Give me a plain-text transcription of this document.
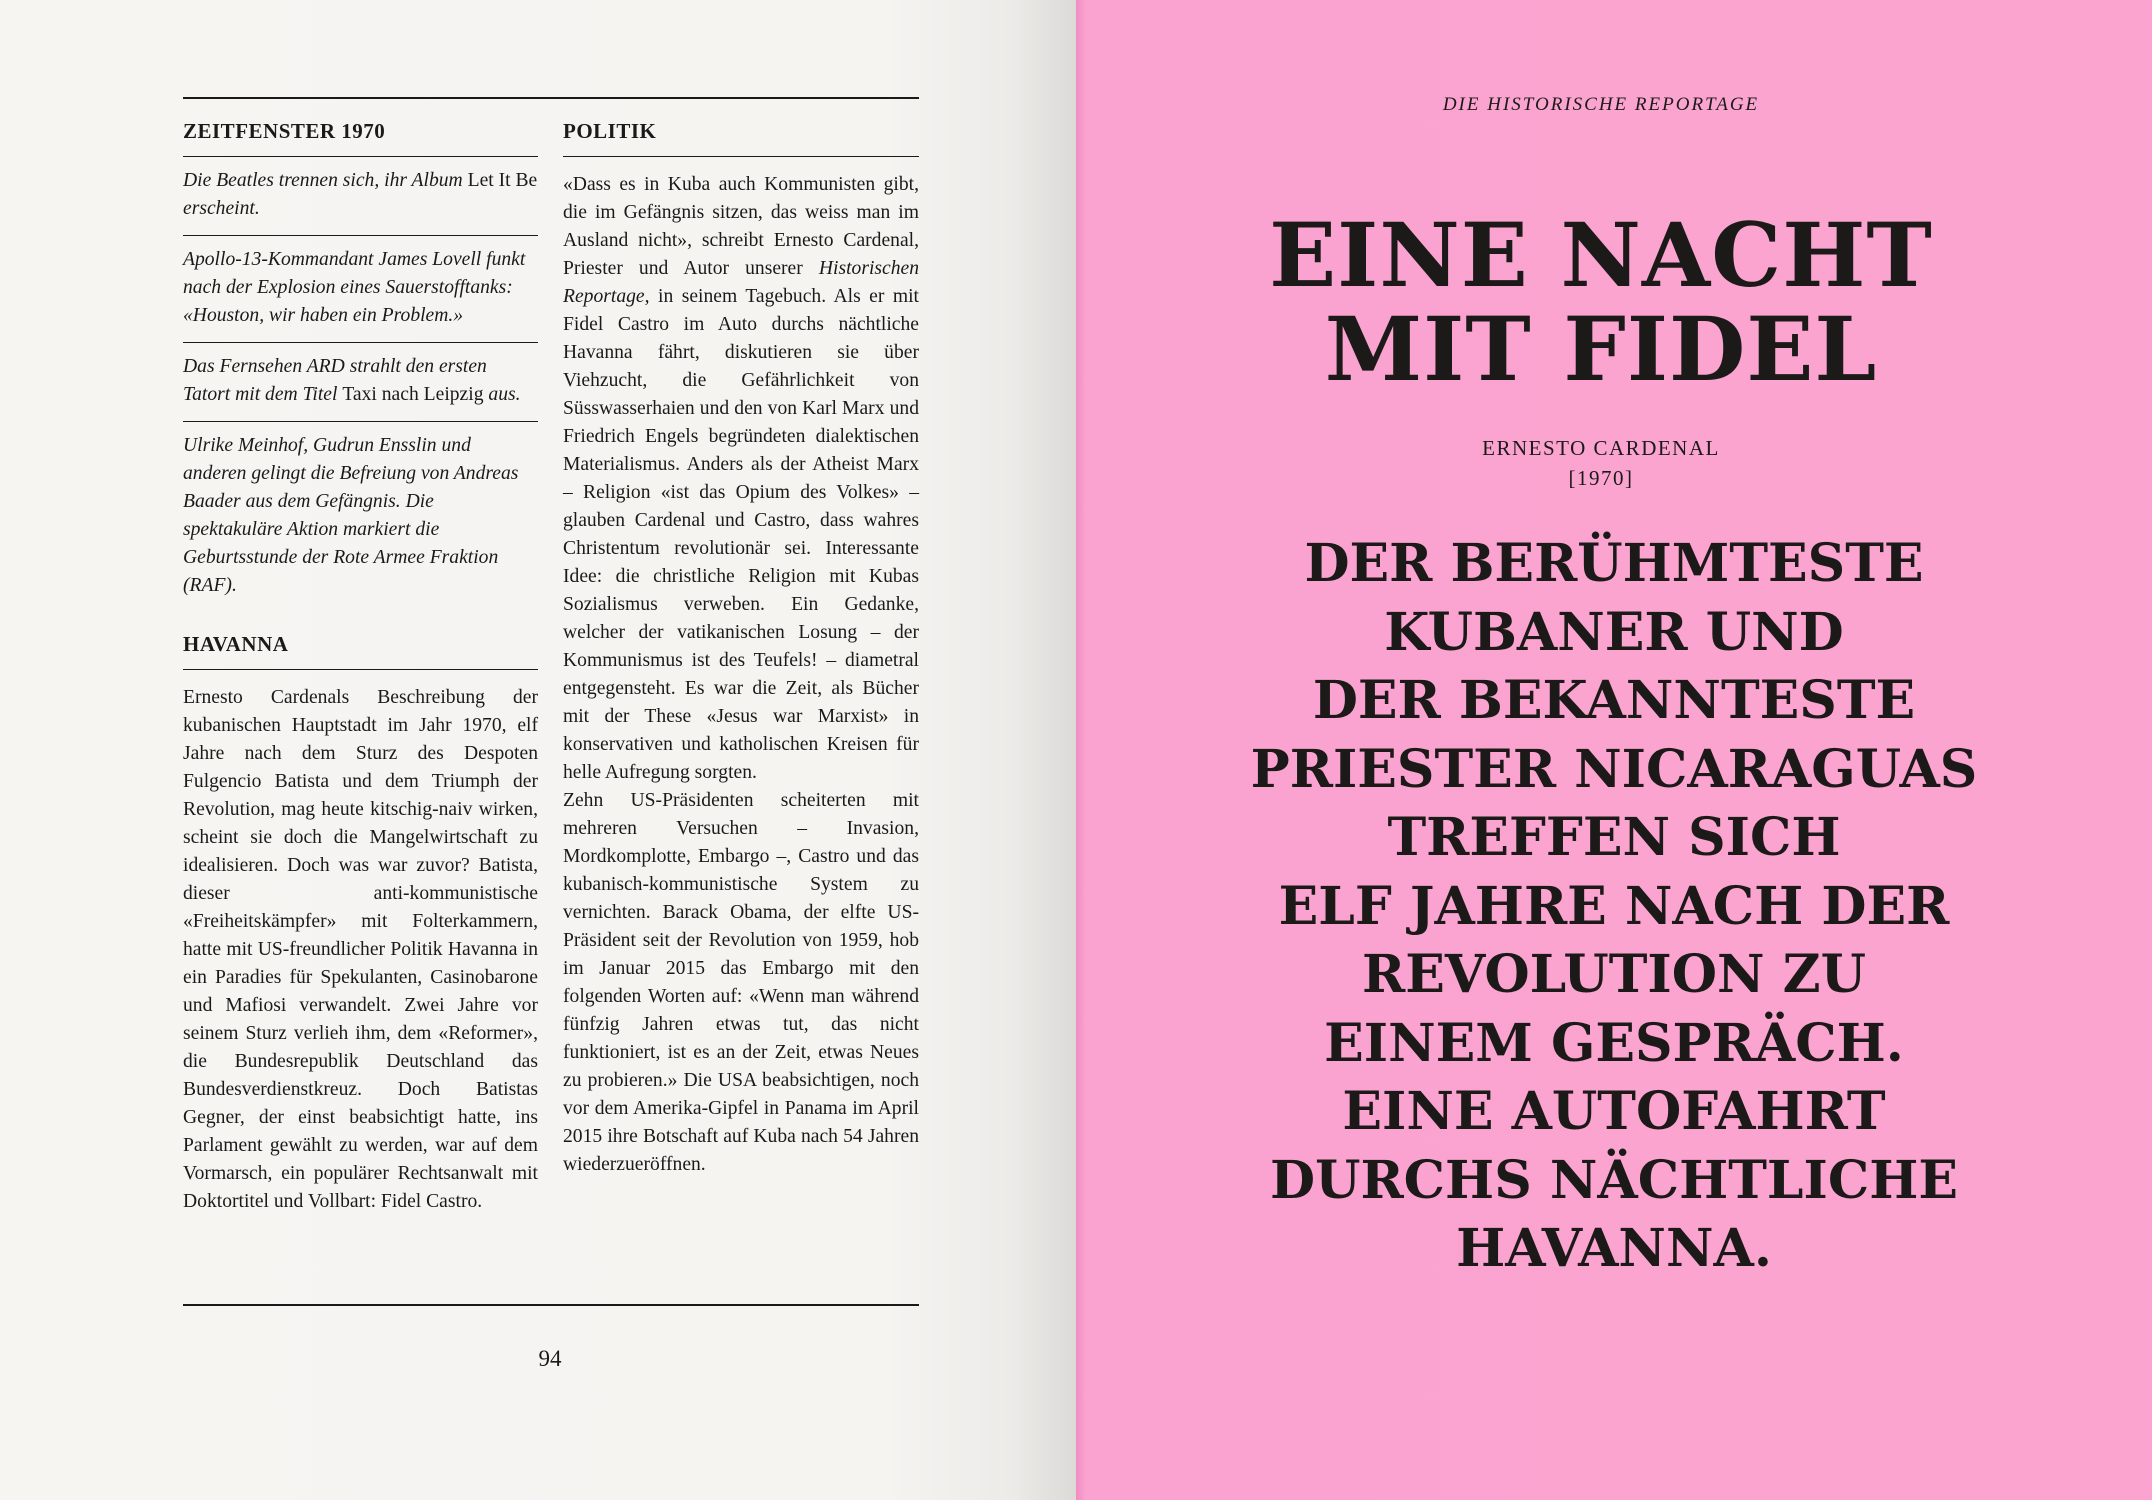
ZEITFENSTER 1970

Die Beatles trennen sich, ihr Album Let It Be erscheint.

Apollo-13-Kommandant James Lovell funkt nach der Explosion eines Sauerstofftanks: «Houston, wir haben ein Problem.»

Das Fernsehen ARD strahlt den ersten Tatort mit dem Titel Taxi nach Leipzig aus.

Ulrike Meinhof, Gudrun Ensslin und anderen gelingt die Befreiung von Andreas Baader aus dem Gefängnis. Die spektakuläre Aktion markiert die Geburtsstunde der Rote Armee Fraktion (RAF).

HAVANNA

Ernesto Cardenals Beschreibung der kubanischen Hauptstadt im Jahr 1970, elf Jahre nach dem Sturz des Despoten Fulgencio Batista und dem Triumph der Revolution, mag heute kitschig-naiv wirken, scheint sie doch die Mangelwirtschaft zu idealisieren. Doch was war zuvor? Batista, dieser anti-kommunistische «Freiheitskämpfer» mit Folterkammern, hatte mit US-freundlicher Politik Havanna in ein Paradies für Spekulanten, Casinobarone und Mafiosi verwandelt. Zwei Jahre vor seinem Sturz verlieh ihm, dem «Reformer», die Bundesrepublik Deutschland das Bundesverdienstkreuz. Doch Batistas Gegner, der einst beabsichtigt hatte, ins Parlament gewählt zu werden, war auf dem Vormarsch, ein populärer Rechtsanwalt mit Doktortitel und Vollbart: Fidel Castro.

POLITIK

«Dass es in Kuba auch Kommunisten gibt, die im Gefängnis sitzen, das weiss man im Ausland nicht», schreibt Ernesto Cardenal, Priester und Autor unserer Historischen Reportage, in seinem Tagebuch. Als er mit Fidel Castro im Auto durchs nächtliche Havanna fährt, diskutieren sie über Viehzucht, die Gefährlichkeit von Süsswasserhaien und den von Karl Marx und Friedrich Engels begründeten dialektischen Materialismus. Anders als der Atheist Marx – Religion «ist das Opium des Volkes» – glauben Cardenal und Castro, dass wahres Christentum revolutionär sei. Interessante Idee: die christliche Religion mit Kubas Sozialismus verweben. Ein Gedanke, welcher der vatikanischen Losung – der Kommunismus ist des Teufels! – diametral entgegensteht. Es war die Zeit, als Bücher mit der These «Jesus war Marxist» in konservativen und katholischen Kreisen für helle Aufregung sorgten.

Zehn US-Präsidenten scheiterten mit mehreren Versuchen – Invasion, Mordkomplotte, Embargo –, Castro und das kubanisch-kommunistische System zu vernichten. Barack Obama, der elfte US-Präsident seit der Revolution von 1959, hob im Januar 2015 das Embargo mit den folgenden Worten auf: «Wenn man während fünfzig Jahren etwas tut, das nicht funktioniert, ist es an der Zeit, etwas Neues zu probieren.» Die USA beabsichtigen, noch vor dem Amerika-Gipfel in Panama im April 2015 ihre Botschaft auf Kuba nach 54 Jahren wiederzueröffnen.

94
DIE HISTORISCHE REPORTAGE
EINE NACHT
MIT FIDEL
ERNESTO CARDENAL
[1970]
DER BERÜHMTESTE
KUBANER UND
DER BEKANNTESTE
PRIESTER NICARAGUAS
TREFFEN SICH
ELF JAHRE NACH DER
REVOLUTION ZU
EINEM GESPRÄCH.
EINE AUTOFAHRT
DURCHS NÄCHTLICHE
HAVANNA.
